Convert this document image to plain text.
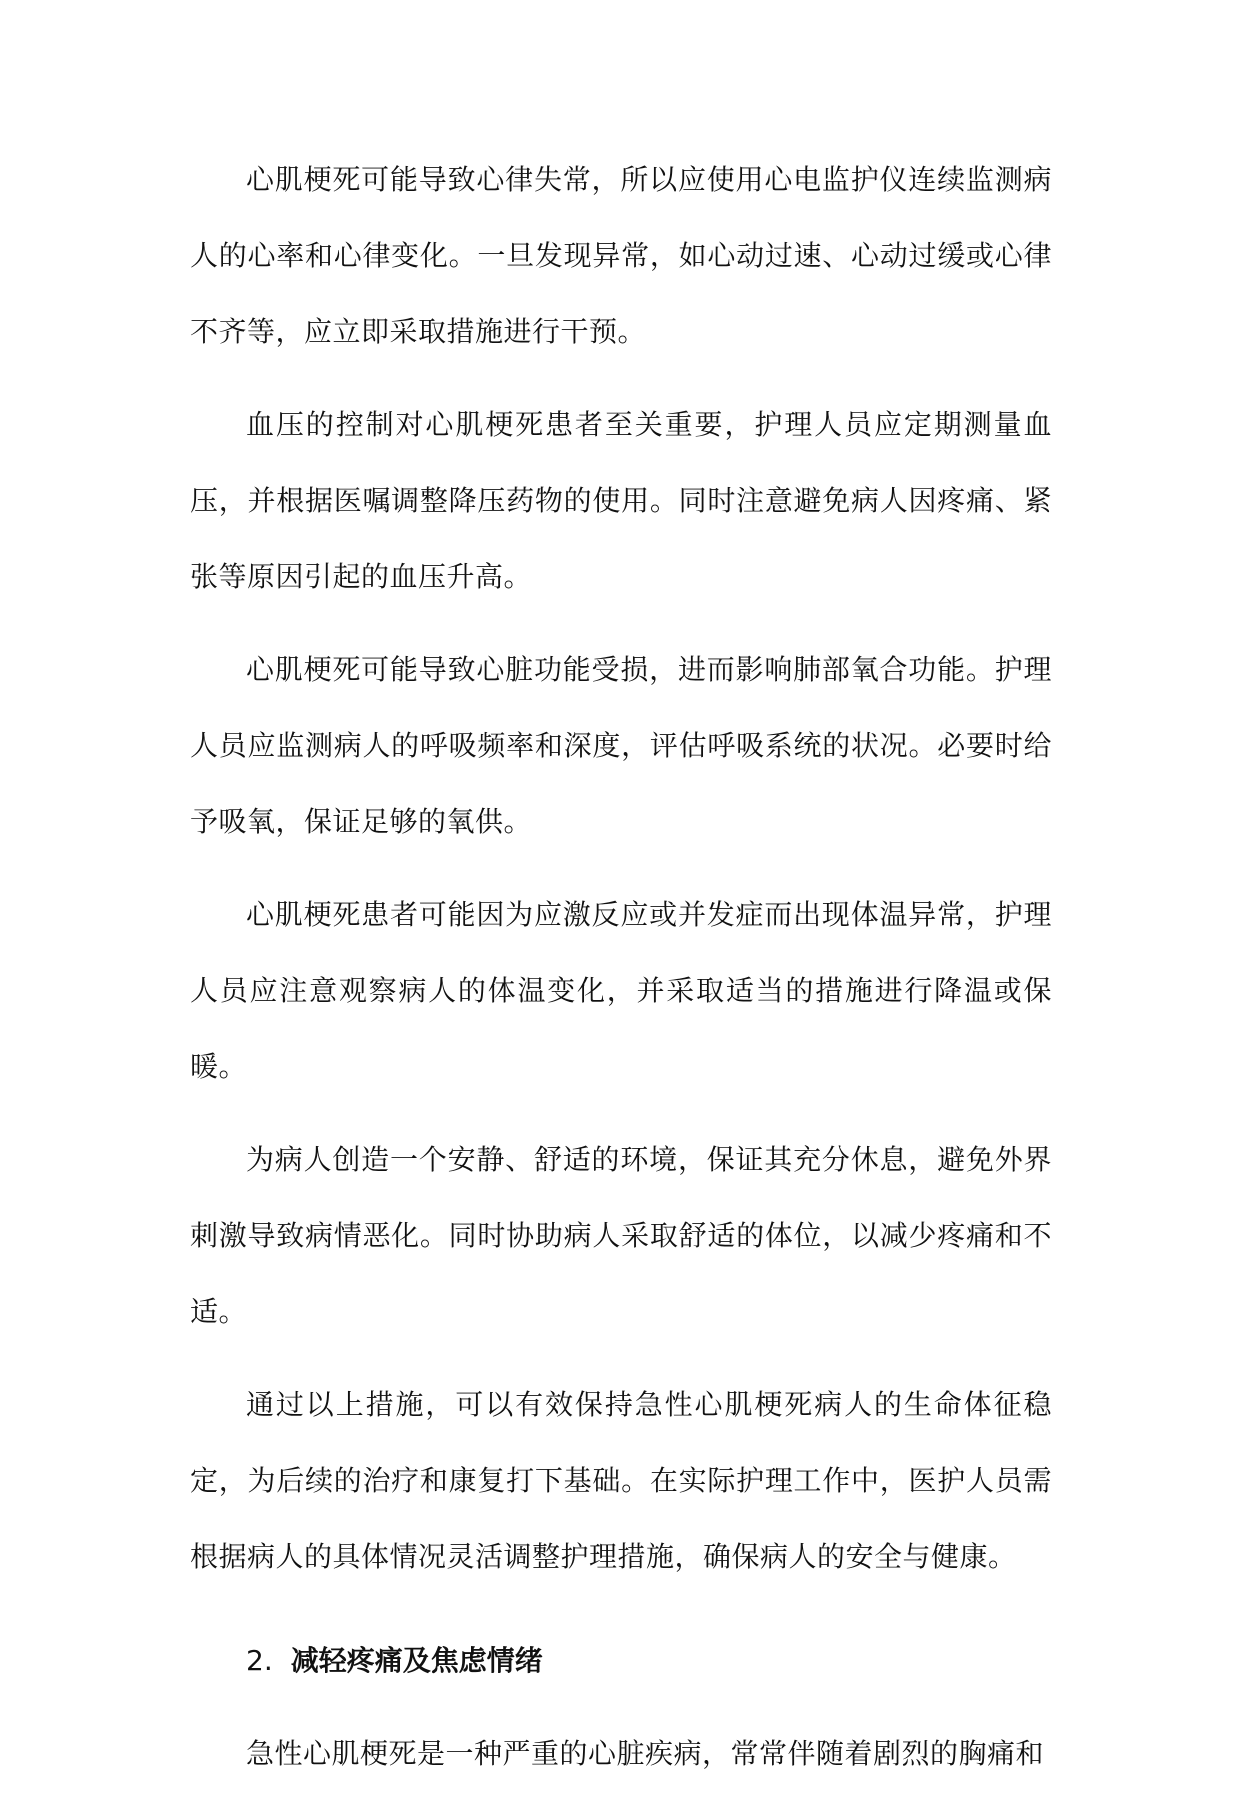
心肌梗死可能导致心律失常，所以应使用心电监护仪连续监测病人的心率和心律变化。一旦发现异常，如心动过速、心动过缓或心律不齐等，应立即采取措施进行干预。

血压的控制对心肌梗死患者至关重要，护理人员应定期测量血压，并根据医嘱调整降压药物的使用。同时注意避免病人因疼痛、紧张等原因引起的血压升高。

心肌梗死可能导致心脏功能受损，进而影响肺部氧合功能。护理人员应监测病人的呼吸频率和深度，评估呼吸系统的状况。必要时给予吸氧，保证足够的氧供。

心肌梗死患者可能因为应激反应或并发症而出现体温异常，护理人员应注意观察病人的体温变化，并采取适当的措施进行降温或保暖。

为病人创造一个安静、舒适的环境，保证其充分休息，避免外界刺激导致病情恶化。同时协助病人采取舒适的体位，以减少疼痛和不适。

通过以上措施，可以有效保持急性心肌梗死病人的生命体征稳定，为后续的治疗和康复打下基础。在实际护理工作中，医护人员需根据病人的具体情况灵活调整护理措施，确保病人的安全与健康。

2. 减轻疼痛及焦虑情绪

急性心肌梗死是一种严重的心脏疾病，常常伴随着剧烈的胸痛和
